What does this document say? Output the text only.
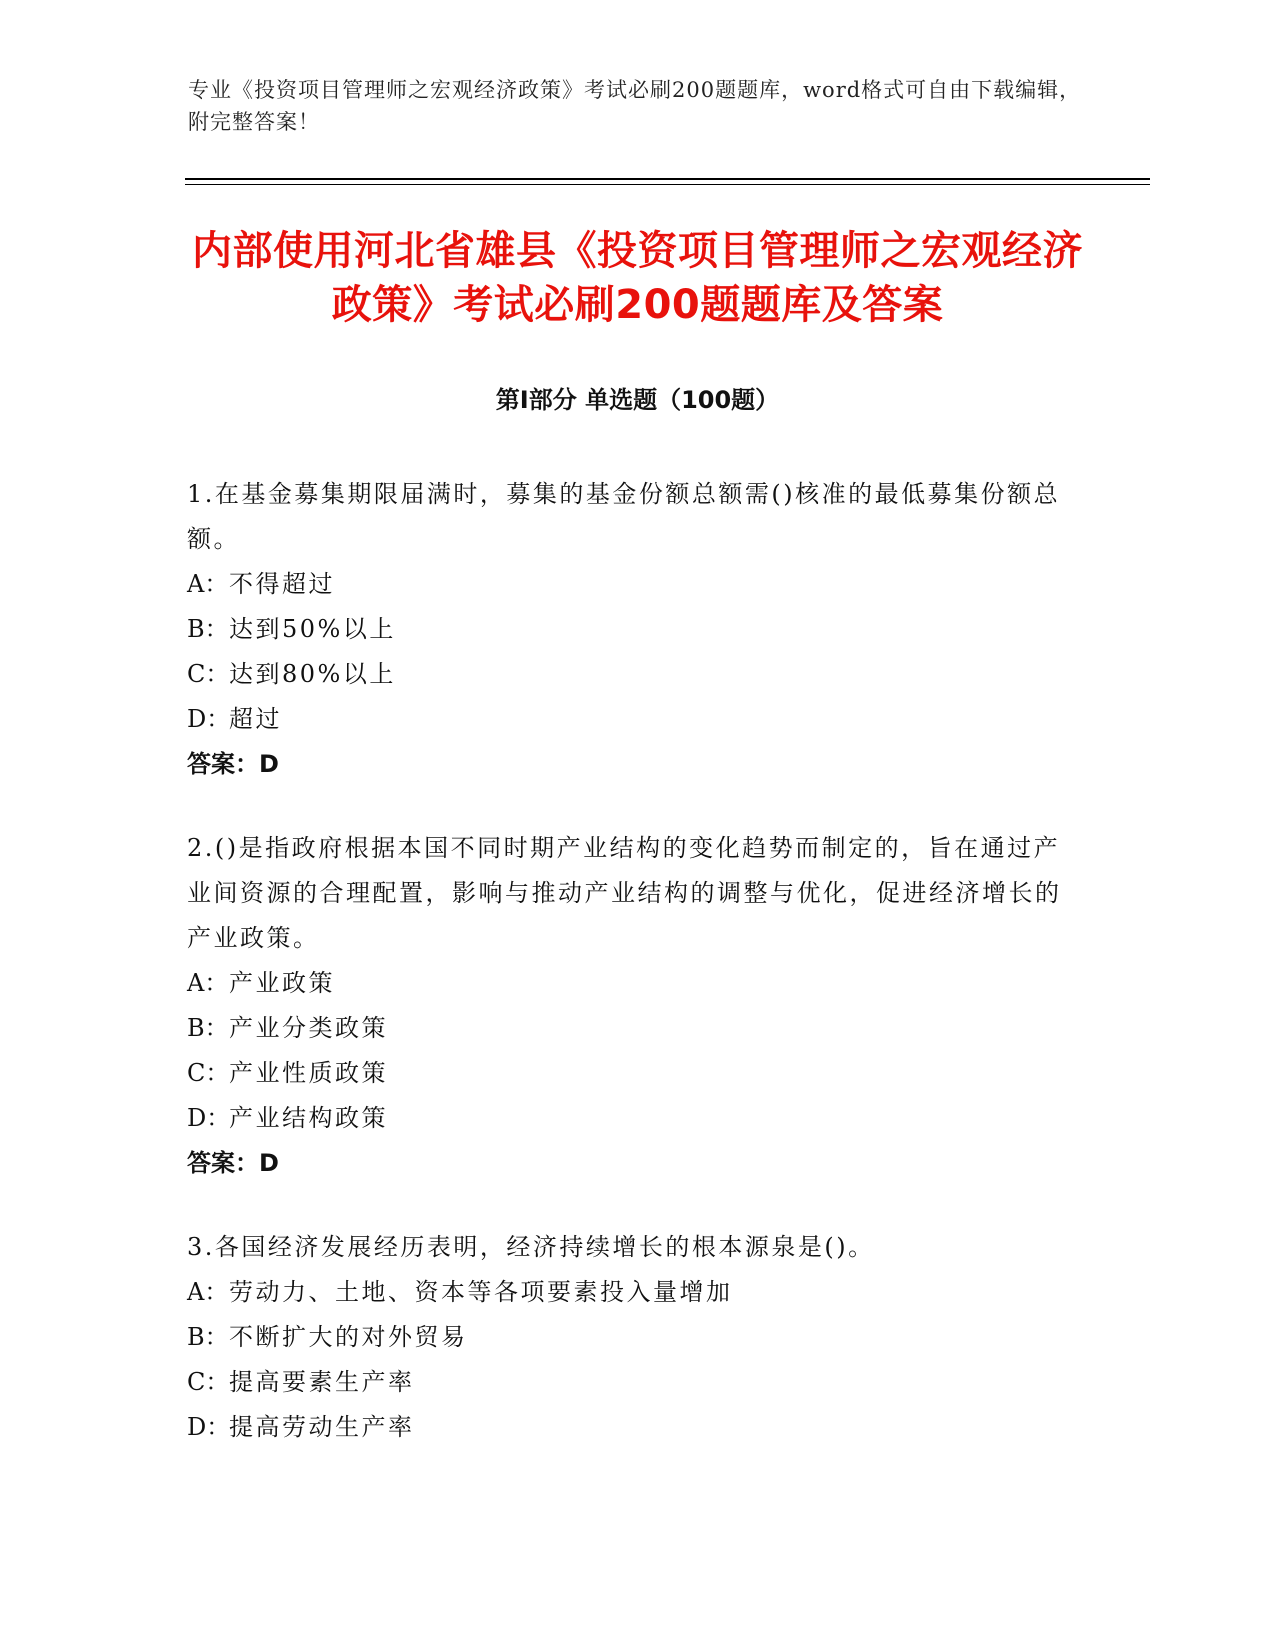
专业《投资项目管理师之宏观经济政策》考试必刷200题题库，word格式可自由下载编辑，附完整答案！
内部使用河北省雄县《投资项目管理师之宏观经济政策》考试必刷200题题库及答案
第Ⅰ部分 单选题（100题）
1.在基金募集期限届满时，募集的基金份额总额需()核准的最低募集份额总额。
A：不得超过
B：达到50%以上
C：达到80%以上
D：超过
答案：D
2.()是指政府根据本国不同时期产业结构的变化趋势而制定的，旨在通过产业间资源的合理配置，影响与推动产业结构的调整与优化，促进经济增长的产业政策。
A：产业政策
B：产业分类政策
C：产业性质政策
D：产业结构政策
答案：D
3.各国经济发展经历表明，经济持续增长的根本源泉是()。
A：劳动力、土地、资本等各项要素投入量增加
B：不断扩大的对外贸易
C：提高要素生产率
D：提高劳动生产率
